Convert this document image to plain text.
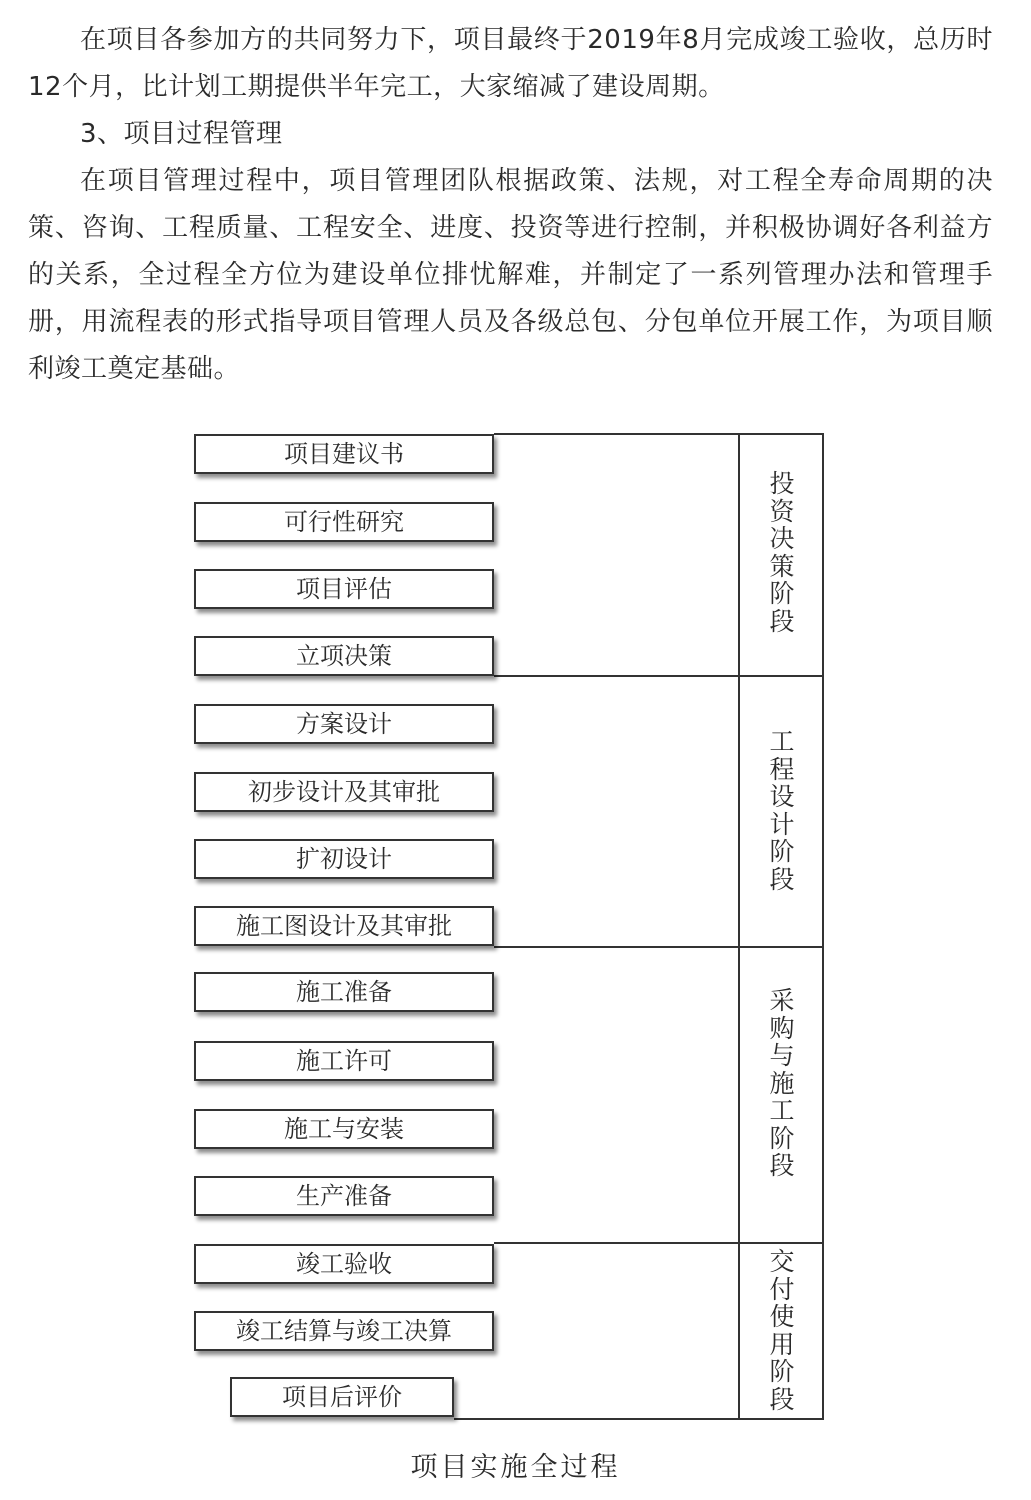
在项目各参加方的共同努力下，项目最终于2019年8月完成竣工验收，总历时12个月，比计划工期提供半年完工，大家缩减了建设周期。

3、项目过程管理

在项目管理过程中，项目管理团队根据政策、法规，对工程全寿命周期的决策、咨询、工程质量、工程安全、进度、投资等进行控制，并积极协调好各利益方的关系，全过程全方位为建设单位排忧解难，并制定了一系列管理办法和管理手册，用流程表的形式指导项目管理人员及各级总包、分包单位开展工作，为项目顺利竣工奠定基础。

投资决策阶段
工程设计阶段
采购与施工阶段
交付使用阶段
项目建议书
可行性研究
项目评估
立项决策
方案设计
初步设计及其审批
扩初设计
施工图设计及其审批
施工准备
施工许可
施工与安装
生产准备
竣工验收
竣工结算与竣工决算
项目后评价

项目实施全过程
